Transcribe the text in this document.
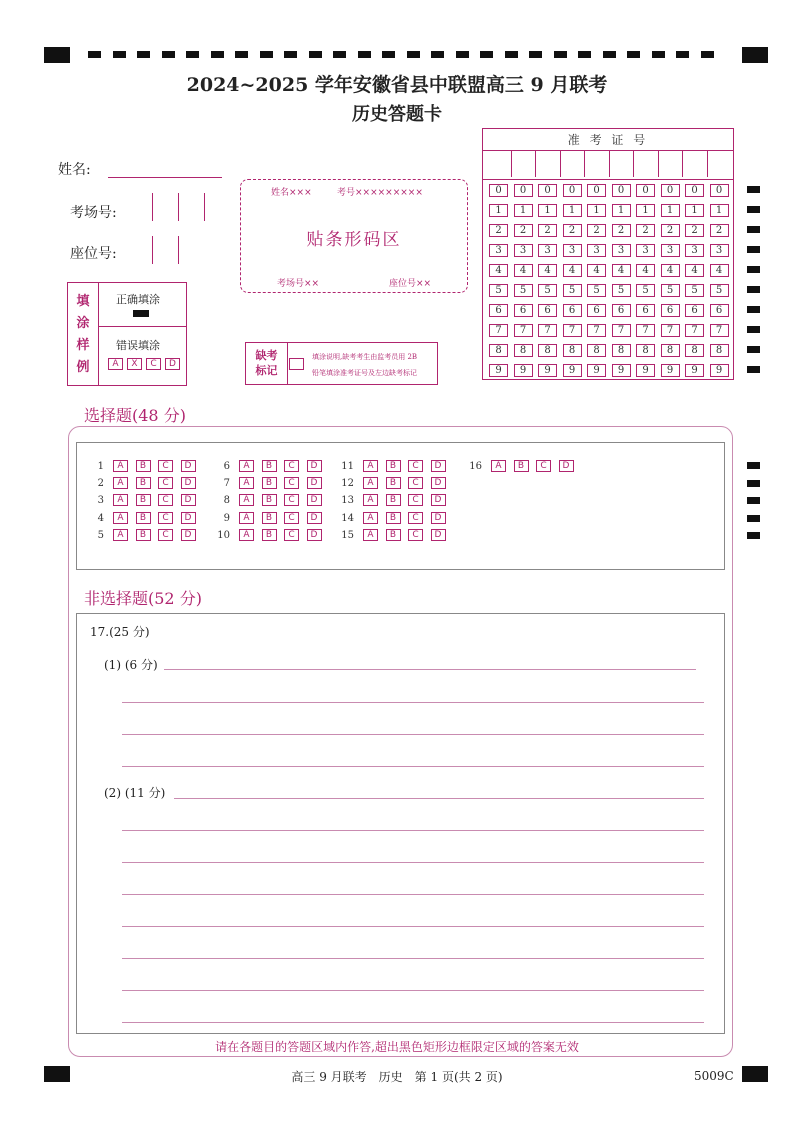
2024~2025 学年安徽省县中联盟高三 9 月联考
历史答题卡
姓名:
考场号:
座位号:
填
涂
样
例
正确填涂
错误填涂
A	X	C	D
姓名×××	考号×××××××××
贴条形码区
考场号××	座位号××
缺考
标记
填涂说明,缺考考生由监考员用 2B
铅笔填涂准考证号及左边缺考标记
准 考 证 号
0	0	0	0	0	0	0	0	0	0
1	1	1	1	1	1	1	1	1	1
2	2	2	2	2	2	2	2	2	2
3	3	3	3	3	3	3	3	3	3
4	4	4	4	4	4	4	4	4	4
5	5	5	5	5	5	5	5	5	5
6	6	6	6	6	6	6	6	6	6
7	7	7	7	7	7	7	7	7	7
8	8	8	8	8	8	8	8	8	8
9	9	9	9	9	9	9	9	9	9
选择题(48 分)
1	A	B	C	D
2	A	B	C	D
3	A	B	C	D
4	A	B	C	D
5	A	B	C	D
6	A	B	C	D
7	A	B	C	D
8	A	B	C	D
9	A	B	C	D
10	A	B	C	D
11	A	B	C	D
12	A	B	C	D
13	A	B	C	D
14	A	B	C	D
15	A	B	C	D
16	A	B	C	D
非选择题(52 分)
17.(25 分)
(1) (6 分)
(2) (11 分)
请在各题目的答题区域内作答,超出黑色矩形边框限定区域的答案无效
高三 9 月联考　历史　第 1 页(共 2 页)	5009C
